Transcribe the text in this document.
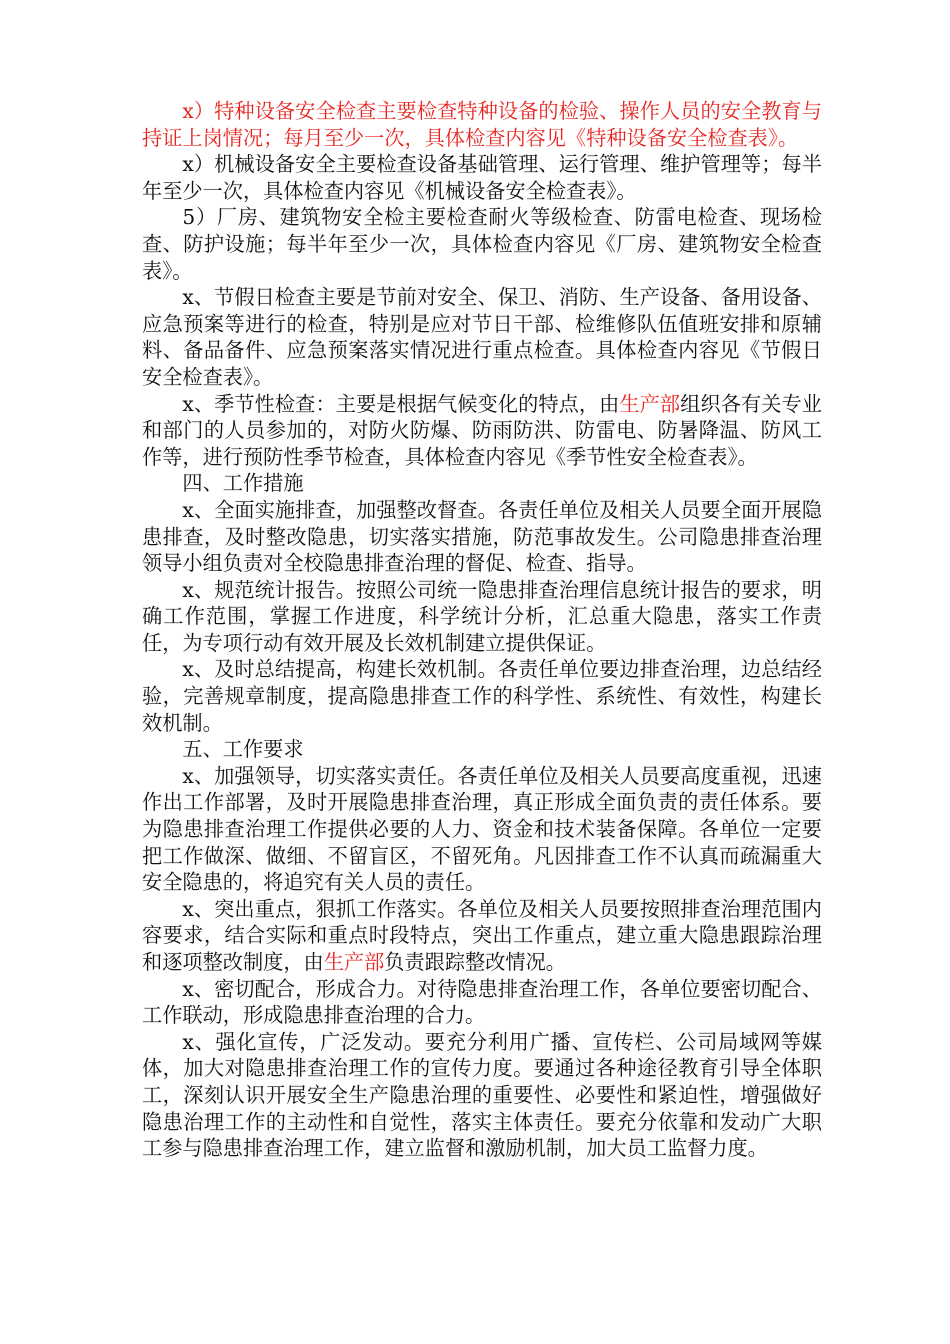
x）特种设备安全检查主要检查特种设备的检验、操作人员的安全教育与持证上岗情况；每月至少一次，具体检查内容见《特种设备安全检查表》。

x）机械设备安全主要检查设备基础管理、运行管理、维护管理等；每半年至少一次，具体检查内容见《机械设备安全检查表》。

5）厂房、建筑物安全检主要检查耐火等级检查、防雷电检查、现场检查、防护设施；每半年至少一次，具体检查内容见《厂房、建筑物安全检查表》。

x、节假日检查主要是节前对安全、保卫、消防、生产设备、备用设备、应急预案等进行的检查，特别是应对节日干部、检维修队伍值班安排和原辅料、备品备件、应急预案落实情况进行重点检查。具体检查内容见《节假日安全检查表》。

x、季节性检查：主要是根据气候变化的特点，由生产部组织各有关专业和部门的人员参加的，对防火防爆、防雨防洪、防雷电、防暑降温、防风工作等，进行预防性季节检查，具体检查内容见《季节性安全检查表》。

四、工作措施

x、全面实施排查，加强整改督查。各责任单位及相关人员要全面开展隐患排查，及时整改隐患，切实落实措施，防范事故发生。公司隐患排查治理领导小组负责对全校隐患排查治理的督促、检查、指导。

x、规范统计报告。按照公司统一隐患排查治理信息统计报告的要求，明确工作范围，掌握工作进度，科学统计分析，汇总重大隐患，落实工作责任，为专项行动有效开展及长效机制建立提供保证。

x、及时总结提高，构建长效机制。各责任单位要边排查治理，边总结经验，完善规章制度，提高隐患排查工作的科学性、系统性、有效性，构建长效机制。

五、工作要求

x、加强领导，切实落实责任。各责任单位及相关人员要高度重视，迅速作出工作部署，及时开展隐患排查治理，真正形成全面负责的责任体系。要为隐患排查治理工作提供必要的人力、资金和技术装备保障。各单位一定要把工作做深、做细、不留盲区，不留死角。凡因排查工作不认真而疏漏重大安全隐患的，将追究有关人员的责任。

x、突出重点，狠抓工作落实。各单位及相关人员要按照排查治理范围内容要求，结合实际和重点时段特点，突出工作重点，建立重大隐患跟踪治理和逐项整改制度，由生产部负责跟踪整改情况。

x、密切配合，形成合力。对待隐患排查治理工作，各单位要密切配合、工作联动，形成隐患排查治理的合力。

x、强化宣传，广泛发动。要充分利用广播、宣传栏、公司局域网等媒体，加大对隐患排查治理工作的宣传力度。要通过各种途径教育引导全体职工，深刻认识开展安全生产隐患治理的重要性、必要性和紧迫性，增强做好隐患治理工作的主动性和自觉性，落实主体责任。要充分依靠和发动广大职工参与隐患排查治理工作，建立监督和激励机制，加大员工监督力度。
